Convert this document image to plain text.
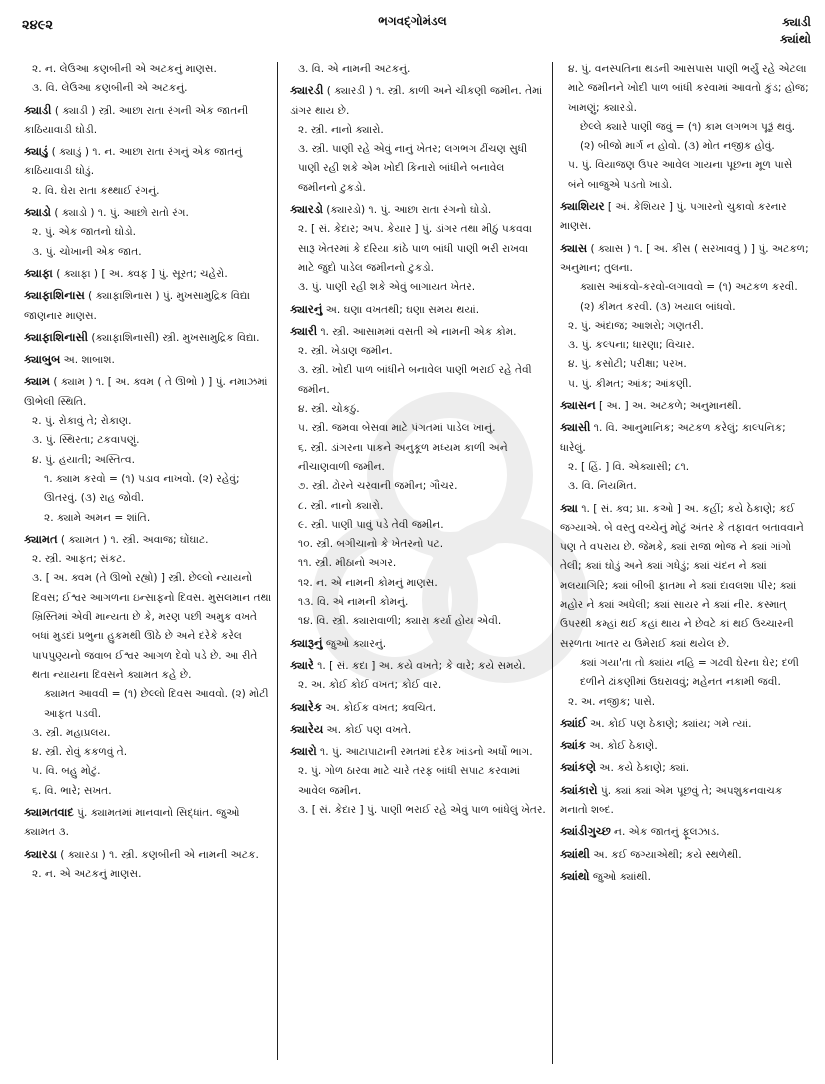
૨૪૯૨	ભગવદ્ગોમંડલ	ક્યાડી
ક્યાંથો
૨. ન. લેઉઆ કણબીની એ અટકનું માણસ.
૩. વિ. લેઉઆ કણબીની એ અટકનું.
ક્યાડી ( ક્યાડી ) સ્ત્રી. આછા રાતા રંગની એક જાતની કાઠિયાવાડી ઘોડી.
ક્યાડું ( ક્યાડું ) ૧. ન. આછા રાતા રંગનું એક જાતનું કાઠિયાવાડી ઘોડું.
૨. વિ. ઘેરા રાતા કથ્થાઈ રંગનું.
ક્યાડો ( ક્યાડો ) ૧. પું. આછો રાતો રંગ.
૨. પું. એક જાતનો ઘોડો.
૩. પું. ચોખાની એક જાત.
ક્યાફા ( ક્યાફા ) [ અ. ક્વફ ] પું. સૂરત; ચહેરો.
ક્યાફાશિનાસ ( ક્યાફાશિનાસ ) પું. મુખસામુદ્રિક વિદ્યા જાણનાર માણસ.
ક્યાફાશિનાસી (ક્યાફાશિનાસી) સ્ત્રી. મુખસામુદ્રિક વિદ્યા.
ક્યાબુબ અ. શાબાશ.
ક્યામ ( ક્યામ ) ૧. [ અ. ક્વમ ( તે ઊભો ) ] પું. નમાઝમાં ઊભેલી સ્થિતિ.
૨. પું. રોકાવું તે; રોકાણ.
૩. પું. સ્થિરતા; ટકવાપણું.
૪. પું. હયાતી; અસ્તિત્વ.
૧. ક્યામ કરવો = (૧) પડાવ નાખવો. (૨) રહેવું; ઊતરવું. (૩) રાહ જોવી.
૨. ક્યામે અમન = શાંતિ.
ક્યામત ( ક્યામત ) ૧. સ્ત્રી. અવાજ; ઘોંઘાટ.
૨. સ્ત્રી. આફત; સંકટ.
૩. [ અ. ક્વમ (તે ઊભો રહ્યો) ] સ્ત્રી. છેલ્લો ન્યાયનો દિવસ; ઈશ્વર આગળના ઇન્સાફનો દિવસ. મુસલમાન તથા ખ્રિસ્તિમાં એવી માન્યતા છે કે, મરણ પછી અમુક વખતે બધાં મુડદાં પ્રભુના હુકમથી ઊઠે છે અને દરેકે કરેલ પાપપુણ્યનો જવાબ ઈશ્વર આગળ દેવો પડે છે. આ રીતે થતા ન્યાયના દિવસને ક્યામત કહે છે.
ક્યામત આવવી = (૧) છેલ્લો દિવસ આવવો. (૨) મોટી આફત પડવી.
૩. સ્ત્રી. મહાપ્રલય.
૪. સ્ત્રી. રોવું કકળવું તે.
૫. વિ. બહુ મોટું.
૬. વિ. ભારે; સખત.
ક્યામતવાદ પું. ક્યામતમાં માનવાનો સિદ્ધાંત. જુઓ ક્યામત ૩.
ક્યારડા ( ક્યારડા ) ૧. સ્ત્રી. કણબીની એ નામની અટક.
૨. ન. એ અટકનું માણસ.
૩. વિ. એ નામની અટકનું.
ક્યારડી ( ક્યારડી ) ૧. સ્ત્રી. કાળી અને ચીકણી જમીન. તેમાં ડાંગર થાય છે.
૨. સ્ત્રી. નાનો ક્યારો.
૩. સ્ત્રી. પાણી રહે એવું નાનું ખેતર; લગભગ ઢીંચણ સુધી પાણી રહી શકે એમ ખોદી કિનારો બાંધીને બનાવેલ જમીનનો ટુકડો.
ક્યારડો (ક્યારડો) ૧. પું. આછા રાતા રંગનો ઘોડો.
૨. [ સં. કેદાર; અપ. કેયાર ] પું. ડાંગર તથા મીઠું પકવવા સારૂ ખેતરમાં કે દરિયા કાંઠે પાળ બાંધી પાણી ભરી રાખવા માટે જુદો પાડેલ જમીનનો ટુકડો.
૩. પું. પાણી રહી શકે એવું બાગાયત ખેતર.
ક્યારનું અ. ઘણા વખતથી; ઘણા સમય થયાં.
ક્યારી ૧. સ્ત્રી. આસામમાં વસતી એ નામની એક કોમ.
૨. સ્ત્રી. ખેડાણ જમીન.
૩. સ્ત્રી. ખોદી પાળ બાંધીને બનાવેલ પાણી ભરાઈ રહે તેવી જમીન.
૪. સ્ત્રી. ચોકઠું.
૫. સ્ત્રી. જમવા બેસવા માટે પંગતમાં પાડેલ ખાનું.
૬. સ્ત્રી. ડાંગરના પાકને અનુકૂળ મધ્યમ કાળી અને નીચાણવાળી જમીન.
૭. સ્ત્રી. ઢોરને ચરવાની જમીન; ગૌચર.
૮. સ્ત્રી. નાનો ક્યારો.
૯. સ્ત્રી. પાણી પાવું પડે તેવી જમીન.
૧૦. સ્ત્રી. બગીચાનો કે ખેતરનો પટ.
૧૧. સ્ત્રી. મીઠાનો અગર.
૧૨. ન. એ નામની કોમનું માણસ.
૧૩. વિ. એ નામની કોમનું.
૧૪. વિ. સ્ત્રી. ક્યારાવાળી; ક્યારા કર્યા હોય એવી.
ક્યારૂનું જુઓ ક્યારનું.
ક્યારે ૧. [ સં. કદા ] અ. કયે વખતે; કે વારે; કયે સમયે.
૨. અ. કોઈ કોઈ વખત; કોઈ વાર.
ક્યારેક અ. કોઈક વખત; ક્વચિત.
ક્યારેય અ. કોઈ પણ વખતે.
ક્યારો ૧. પું. આટાપાટાની રમતમાં દરેક ખાંડનો અર્ધો ભાગ.
૨. પું. ગોળ ઠારવા માટે ચારે તરફ બાંધી સપાટ કરવામાં આવેલ જમીન.
૩. [ સં. કેદાર ] પું. પાણી ભરાઈ રહે એવું પાળ બાંધેલું ખેતર.
૪. પું. વનસ્પતિના થડની આસપાસ પાણી ભર્યું રહે એટલા માટે જમીનને ખોદી પાળ બાંધી કરવામાં આવતો કુંડ; હોજ; ખામણું; ક્યારડો.
છેલ્લે ક્યારે પાણી જવું = (૧) કામ લગભગ પૂરૂં થવું. (૨) બીજો માર્ગ ન હોવો. (૩) મોત નજીક હોવું.
૫. પું. વિયાજણ ઉપર આવેલ ગાયના પૂછના મૂળ પાસે બંને બાજુએ પડતો ખાડો.
ક્યાશિયર [ અં. કેશિયર ] પું. પગારનો ચુકાવો કરનાર માણસ.
ક્યાસ ( ક્યાસ ) ૧. [ અ. કીસ ( સરખાવવું ) ] પું. અટકળ; અનુમાન; તુલના.
ક્યાસ આંકવો-કરવો-લગાવવો = (૧) અટકળ કરવી. (૨) કીમત કરવી. (૩) ખયાલ બાંધવો.
૨. પું. અંદાજ; આશરો; ગણતરી.
૩. પું. કલ્પના; ધારણા; વિચાર.
૪. પું. કસોટી; પરીક્ષા; પરખ.
૫. પું. કીમત; આંક; આંકણી.
ક્યાસન [ અ. ] અ. અટકળે; અનુમાનથી.
ક્યાસી ૧. વિ. આનુમાનિક; અટકળ કરેલું; કાલ્પનિક; ધારેલું.
૨. [ હિં. ] વિ. એક્યાસી; ૮૧.
૩. વિ. નિયમિત.
ક્યા ૧. [ સં. ક્વ; પ્રા. કઓ ] અ. કહીં; કયે ઠેકાણે; કઈ જગ્યાએ. બે વસ્તુ વચ્ચેનું મોટું અંતર કે તફાવત બતાવવાને પણ તે વપરાય છે. જેમકે, ક્યાં રાજા ભોજ ને ક્યાં ગાંગો તેલી; ક્યાં ઘોડું અને ક્યાં ગધેડું; ક્યાં ચંદન ને ક્યાં મલયાગિરિ; ક્યાં બીબી ફાતમા ને ક્યાં દાવલશા પીર; ક્યાં મહોર ને ક્યાં અધેલી; ક્યાં સાયર ને ક્યાં નીર. કસ્માત્ ઉપરથી કમ્હાં થઈ કહાં થાય ને છેવટે કાં થઈ ઉચ્ચારની સરળતા ખાતર ય ઉમેરાઈ ક્યાં થયેલ છે.
ક્યાં ગયા'તા તો ક્યાંય નહિ = ગઢવી ઘેરના ઘેર; દળી દળીને ઢાંકણીમાં ઉઘરાવવું; મહેનત નકામી જવી.
૨. અ. નજીક; પાસે.
ક્યાંઈ અ. કોઈ પણ ઠેકાણે; ક્યાંય; ગમે ત્યાં.
ક્યાંક અ. કોઈ ઠેકાણે.
ક્યાંકણે અ. કયે ઠેકાણે; ક્યાં.
ક્યાંકારો પું. ક્યાં ક્યાં એમ પૂછવું તે; અપશુકનવાચક મનાતો શબ્દ.
ક્યાંડીગુચ્છ ન. એક જાતનું ફૂલઝાડ.
ક્યાંથી અ. કઈ જગ્યાએથી; કયે સ્થળેથી.
ક્યાંથો જુઓ ક્યાંથી.
